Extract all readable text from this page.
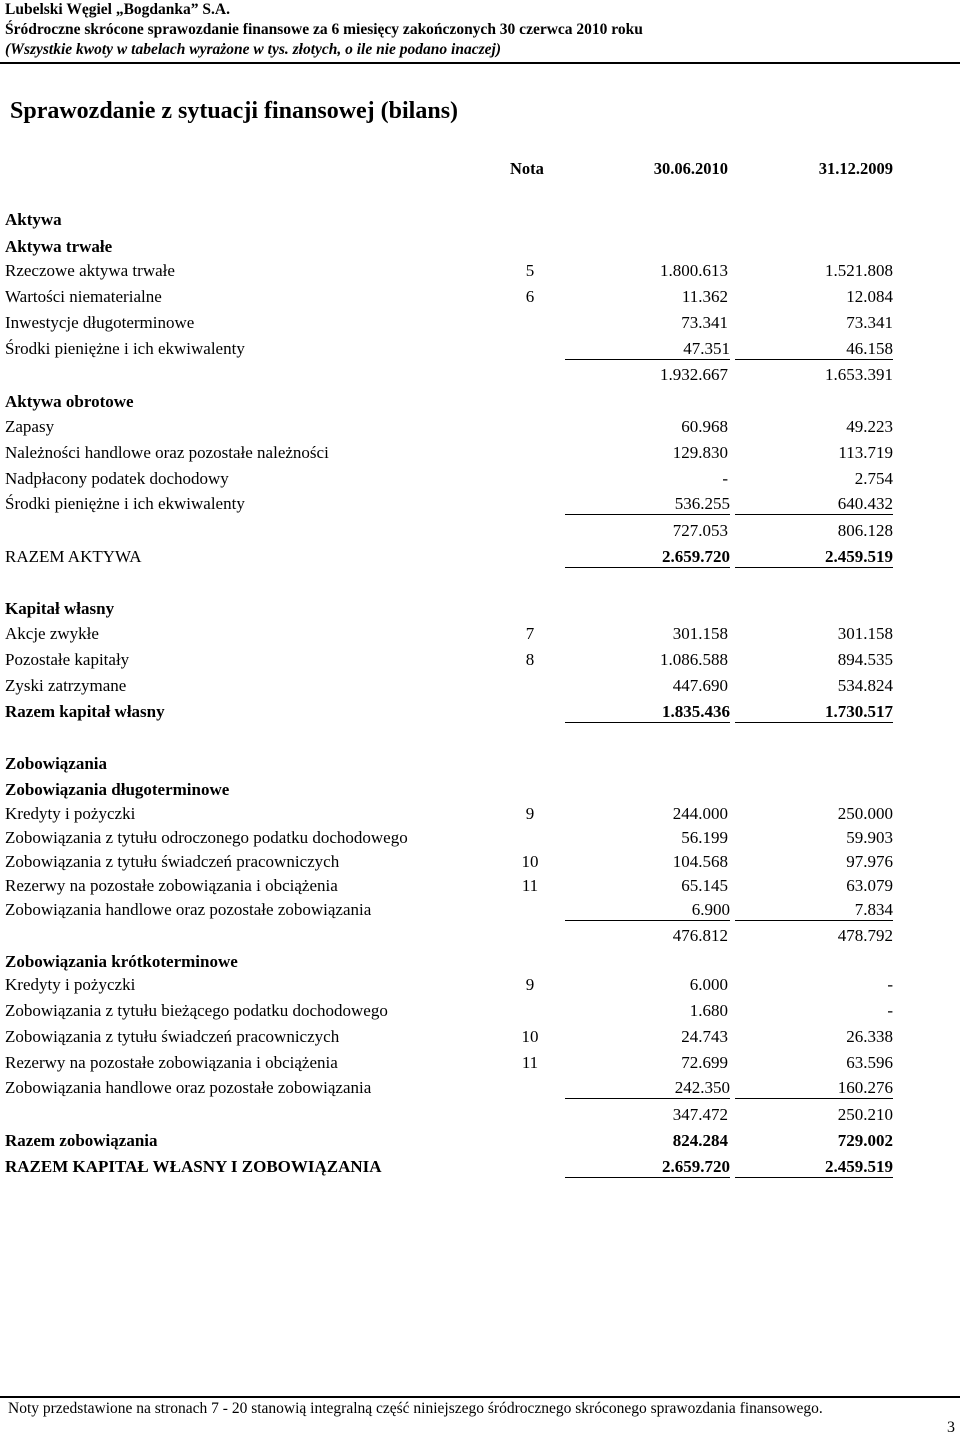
Lubelski Węgiel „Bogdanka” S.A.
Śródroczne skrócone sprawozdanie finansowe za 6 miesięcy zakończonych 30 czerwca 2010 roku
(Wszystkie kwoty w tabelach wyrażone w tys. złotych, o ile nie podano inaczej)
Sprawozdanie z sytuacji finansowej (bilans)
Nota	30.06.2010	31.12.2009
Aktywa
Aktywa trwałe
Rzeczowe aktywa trwałe	5	1.800.613	1.521.808
Wartości niematerialne	6	11.362	12.084
Inwestycje długoterminowe	73.341	73.341
Środki pieniężne i ich ekwiwalenty	47.351	46.158
1.932.667	1.653.391
Aktywa obrotowe
Zapasy	60.968	49.223
Należności handlowe oraz pozostałe należności	129.830	113.719
Nadpłacony podatek dochodowy	-	2.754
Środki pieniężne i ich ekwiwalenty	536.255	640.432
727.053	806.128
RAZEM AKTYWA	2.659.720	2.459.519
Kapitał własny
Akcje zwykłe	7	301.158	301.158
Pozostałe kapitały	8	1.086.588	894.535
Zyski zatrzymane	447.690	534.824
Razem kapitał własny	1.835.436	1.730.517
Zobowiązania
Zobowiązania długoterminowe
Kredyty i pożyczki	9	244.000	250.000
Zobowiązania z tytułu odroczonego podatku dochodowego	56.199	59.903
Zobowiązania z tytułu świadczeń pracowniczych	10	104.568	97.976
Rezerwy na pozostałe zobowiązania i obciążenia	11	65.145	63.079
Zobowiązania handlowe oraz pozostałe zobowiązania	6.900	7.834
476.812	478.792
Zobowiązania krótkoterminowe
Kredyty i pożyczki	9	6.000	-
Zobowiązania z tytułu bieżącego podatku dochodowego	1.680	-
Zobowiązania z tytułu świadczeń pracowniczych	10	24.743	26.338
Rezerwy na pozostałe zobowiązania i obciążenia	11	72.699	63.596
Zobowiązania handlowe oraz pozostałe zobowiązania	242.350	160.276
347.472	250.210
Razem zobowiązania	824.284	729.002
RAZEM KAPITAŁ WŁASNY I ZOBOWIĄZANIA	2.659.720	2.459.519
Noty przedstawione na stronach 7 - 20 stanowią integralną część niniejszego śródrocznego skróconego sprawozdania finansowego.
3
